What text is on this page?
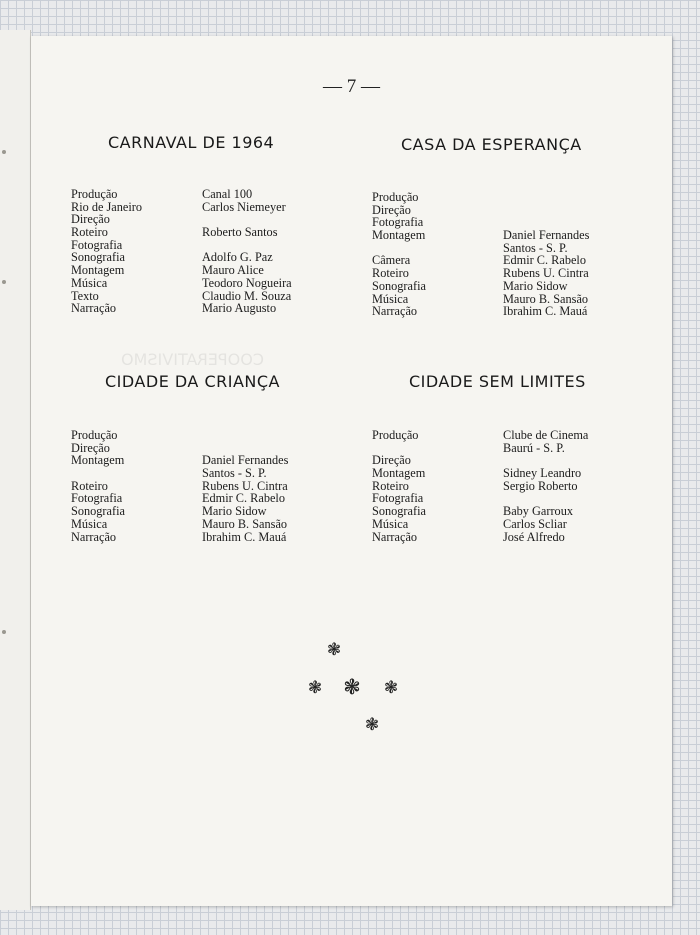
COOPERATIVISMO
— 7 —
CARNAVAL DE 1964
Produção	Canal 100
Rio de Janeiro	Carlos Niemeyer
Direção
Roteiro	Roberto Santos
Fotografia
Sonografia	Adolfo G. Paz
Montagem	Mauro Alice
Música	Teodoro Nogueira
Texto	Claudio M. Souza
Narração	Mario Augusto
CASA DA ESPERANÇA
Produção
Direção
Fotografia
Montagem	Daniel Fernandes
Santos - S. P.
Câmera	Edmir C. Rabelo
Roteiro	Rubens U. Cintra
Sonografia	Mario Sidow
Música	Mauro B. Sansão
Narração	Ibrahim C. Mauá
CIDADE DA CRIANÇA
Produção
Direção
Montagem	Daniel Fernandes
Santos - S. P.
Roteiro	Rubens U. Cintra
Fotografia	Edmir C. Rabelo
Sonografia	Mario Sidow
Música	Mauro B. Sansão
Narração	Ibrahim C. Mauá
CIDADE SEM LIMITES
Produção	Clube de Cinema
Baurú - S. P.
Direção
Montagem	Sidney Leandro
Roteiro	Sergio Roberto
Fotografia
Sonografia	Baby Garroux
Música	Carlos Scliar
Narração	José Alfredo
❃
❃ ❃ ❃
❃
